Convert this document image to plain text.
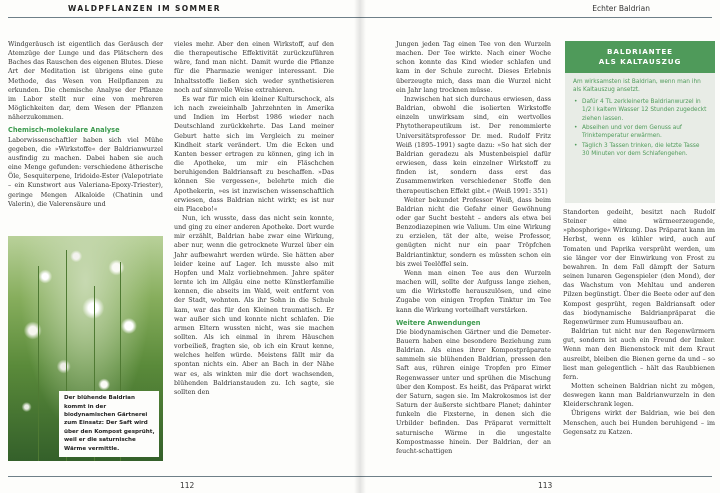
WALDPFLANZEN IM SOMMER

Windgeräusch ist eigentlich das Geräusch der Atemzüge der Lunge und das Plätschern des Baches das Rauschen des eigenen Blutes. Diese Art der Meditation ist übrigens eine gute Methode, das Wesen von Heilpflanzen zu erkunden. Die chemische Analyse der Pflanze im Labor stellt nur eine von mehreren Möglichkeiten dar, dem Wesen der Pflanzen näherzukommen.

Chemisch-molekulare Analyse

Laborwissenschaftler haben sich viel Mühe gegeben, die »Wirkstoffe« der Baldrianwurzel ausfindig zu machen. Dabei haben sie auch eine Menge gefunden: verschiedene ätherische Öle, Sesquiterpene, Iridoide-Ester (Valepotriate – ein Kunstwort aus Valeriana-Epoxy-Triester), geringe Mengen Alkaloide (Chatinin und Valerin), die Valerensäure und

Der blühende Baldrian kommt in der biodynamischen Gärtnerei zum Einsatz: Der Saft wird über den Kompost gesprüht, weil er die saturnische Wärme vermittle.

vieles mehr. Aber den einen Wirkstoff, auf den die therapeutische Effektivität zurückzuführen wäre, fand man nicht. Damit wurde die Pflanze für die Pharmazie weniger interessant. Die Inhaltsstoffe ließen sich weder synthetisieren noch auf sinnvolle Weise extrahieren.

Es war für mich ein kleiner Kulturschock, als ich nach zweieinhalb Jahrzehnten in Amerika und Indien im Herbst 1986 wieder nach Deutschland zurückkehrte. Das Land meiner Geburt hatte sich im Vergleich zu meiner Kindheit stark verändert. Um die Ecken und Kanten besser ertragen zu können, ging ich in die Apotheke, um mir ein Fläschchen beruhigenden Baldriansaft zu beschaffen. »Das können Sie vergessen«, belehrte mich die Apothekerin, »es ist inzwischen wissenschaftlich erwiesen, dass Baldrian nicht wirkt; es ist nur ein Placebo!«

Nun, ich wusste, dass das nicht sein konnte, und ging zu einer anderen Apotheke. Dort wurde mir erzählt, Baldrian habe zwar eine Wirkung, aber nur, wenn die getrocknete Wurzel über ein Jahr aufbewahrt werden würde. Sie hätten aber leider keine auf Lager. Ich musste also mit Hopfen und Malz vorliebnehmen. Jahre später lernte ich im Allgäu eine nette Künstlerfamilie kennen, die abseits im Wald, weit entfernt von der Stadt, wohnten. Als ihr Sohn in die Schule kam, war das für den Kleinen traumatisch. Er war außer sich und konnte nicht schlafen. Die armen Eltern wussten nicht, was sie machen sollten. Als ich einmal in ihrem Häuschen vorbeiließ, fragten sie, ob ich ein Kraut kenne, welches helfen würde. Meistens fällt mir da spontan nichts ein. Aber an Bach in der Nähe war es, als winkten mir die dort wachsenden, blühenden Baldrianstauden zu. Ich sagte, sie sollten den

112
Echter Baldrian

Jungen jeden Tag einen Tee von den Wurzeln machen. Der Tee wirkte. Nach einer Woche schon konnte das Kind wieder schlafen und kam in der Schule zurecht. Dieses Erlebnis überzeugte mich, dass man die Wurzel nicht ein Jahr lang trocknen müsse.

Inzwischen hat sich durchaus erwiesen, dass Baldrian, obwohl die isolierten Wirkstoffe einzeln unwirksam sind, ein wertvolles Phytotherapeutikum ist. Der renommierte Universitätsprofessor Dr. med. Rudolf Fritz Weiß (1895–1991) sagte dazu: »So hat sich der Baldrian geradezu als Mustenbeispiel dafür erwiesen, dass kein einzelner Wirkstoff zu finden ist, sondern dass erst das Zusammenwirken verschiedener Stoffe den therapeutischen Effekt gibt.« (Weiß 1991: 351)

Weiter bekundet Professor Weiß, dass beim Baldrian nicht die Gefahr einer Gewöhnung oder gar Sucht besteht – anders als etwa bei Benzodiazepinen wie Valium. Um eine Wirkung zu erzielen, tät der alte, weise Professor, genügten nicht nur ein paar Tröpfchen Baldriantinktur, sondern es müssten schon ein bis zwei Teelöffel sein.

Wenn man einen Tee aus den Wurzeln machen will, sollte der Aufguss lange ziehen, um die Wirkstoffe herauszulösen, und eine Zugabe von einigen Tropfen Tinktur im Tee kann die Wirkung vorteilhaft verstärken.

Weitere Anwendungen

Die biodynamischen Gärtner und die Demeter-Bauern haben eine besondere Beziehung zum Baldrian. Als eines ihrer Kompostpräparate sammeln sie blühenden Baldrian, pressen den Saft aus, rühren einige Tropfen pro Eimer Regenwasser unter und sprühen die Mischung über den Kompost. Es heißt, das Präparat wirkt der Saturn, sagen sie. Im Makrokosmos ist der Saturn der äußerste sichtbare Planet; dahinter funkeln die Fixsterne, in denen sich die Urbilder befinden. Das Präparat vermittelt saturnische Wärme in die ungestalte Kompostmasse hinein. Der Baldrian, der an feucht-schattigen

BALDRIANTEE
ALS KALTAUSZUG
Am wirksamsten ist Baldrian, wenn man ihn als Kaltauszug ansetzt.
• Dafür 4 TL zerkleinerte Baldrianwurzel in 1/2 l kaltem Wasser 12 Stunden zugedeckt ziehen lassen.
• Abseihen und vor dem Genuss auf Trinktemperatur erwärmen.
• Täglich 3 Tassen trinken, die letzte Tasse 30 Minuten vor dem Schlafengehen.

Standorten gedeiht, besitzt nach Rudolf Steiner eine wärmeerzeugende, »phosphorige« Wirkung. Das Präparat kann im Herbst, wenn es kühler wird, auch auf Tomaten und Paprika versprüht werden, um sie länger vor der Einwirkung von Frost zu bewahren. In dem Fall dämpft der Saturn seinen lunaren Gegenspieler (den Mond), der das Wachstum von Mehltau und anderen Pilzen begünstigt. Über die Beete oder auf den Kompost gesprüht, regen Baldriansaft oder das biodynamische Baldrianpräparat die Regenwürmer zum Humusaufbau an.

Baldrian tut nicht nur den Regenwürmern gut, sondern ist auch ein Freund der Imker. Wenn man den Bienenstock mit dem Kraut ausreibt, bleiben die Bienen gerne da und – so liest man gelegentlich – hält das Raubbienen fern.

Motten scheinen Baldrian nicht zu mögen, deswegen kann man Baldrianwurzeln in den Kleiderschrank legen.

Übrigens wirkt der Baldrian, wie bei den Menschen, auch bei Hunden beruhigend – im Gegensatz zu Katzen.

113
